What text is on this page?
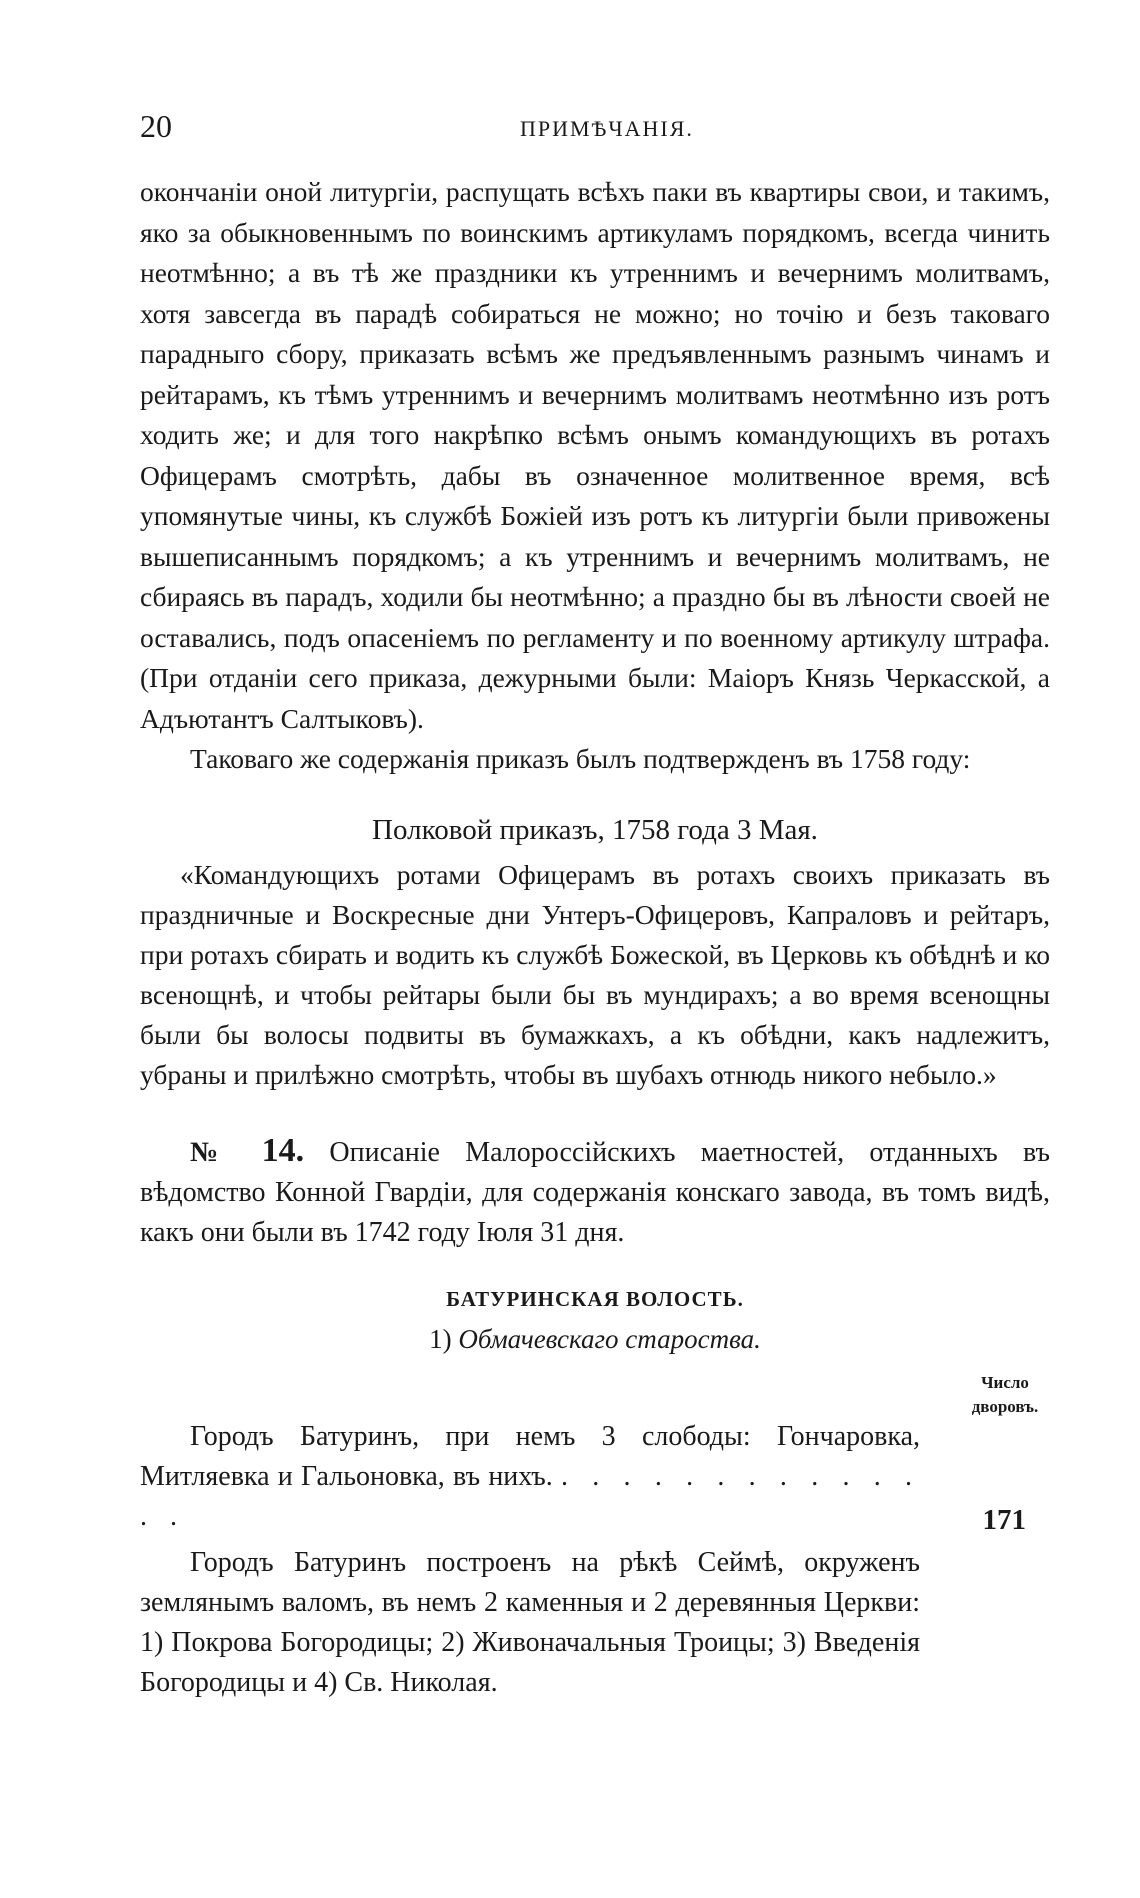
20	ПРИМѢЧАНІЯ.

окончаніи оной литургіи, распущать всѣхъ паки въ квартиры свои, и такимъ, яко за обыкновеннымъ по воинскимъ артикуламъ порядкомъ, всегда чинить неотмѣнно; а въ тѣ же праздники къ утреннимъ и вечернимъ молитвамъ, хотя завсегда въ парадѣ собираться не можно; но точію и безъ таковаго парадныго сбору, приказать всѣмъ же предъявленнымъ разнымъ чинамъ и рейтарамъ, къ тѣмъ утреннимъ и вечернимъ молитвамъ неотмѣнно изъ ротъ ходить же; и для того накрѣпко всѣмъ онымъ командующихъ въ ротахъ Офицерамъ смотрѣть, дабы въ означенное молитвенное время, всѣ упомянутые чины, къ службѣ Божіей изъ ротъ къ литургіи были привожены вышеписаннымъ порядкомъ; а къ утреннимъ и вечернимъ молитвамъ, не сбираясь въ парадъ, ходили бы неотмѣнно; а праздно бы въ лѣности своей не оставались, подъ опасеніемъ по регламенту и по военному артикулу штрафа. (При отданіи сего приказа, дежурными были: Маіоръ Князь Черкасской, а Адъютантъ Салтыковъ).

Таковаго же содержанія приказъ былъ подтвержденъ въ 1758 году:

Полковой приказъ, 1758 года 3 Мая.

«Командующихъ ротами Офицерамъ въ ротахъ своихъ приказать въ праздничные и Воскресные дни Унтеръ-Офицеровъ, Капраловъ и рейтаръ, при ротахъ сбирать и водить къ службѣ Божеской, въ Церковь къ обѣднѣ и ко всенощнѣ, и чтобы рейтары были бы въ мундирахъ; а во время всенощны были бы волосы подвиты въ бумажкахъ, а къ обѣдни, какъ надлежитъ, убраны и прилѣжно смотрѣть, чтобы въ шубахъ отнюдь никого небыло.»

№ 14. Описаніе Малороссійскихъ маетностей, отданныхъ въ вѣдомство Конной Гвардіи, для содержанія конскаго завода, въ томъ видѣ, какъ они были въ 1742 году Іюля 31 дня.

БАТУРИНСКАЯ ВОЛОСТЬ.
1) Обмачевскаго староства.
Число
дворовъ.

Городъ Батуринъ, при немъ 3 слободы: Гончаровка, Митляевка и Гальоновка, въ нихъ. . . . . . . . . . . . . . .	171

Городъ Батуринъ построенъ на рѣкѣ Сеймѣ, окруженъ землянымъ валомъ, въ немъ 2 каменныя и 2 деревянныя Церкви: 1) Покрова Богородицы; 2) Живоначальныя Троицы; 3) Введенія Богородицы и 4) Св. Николая.
